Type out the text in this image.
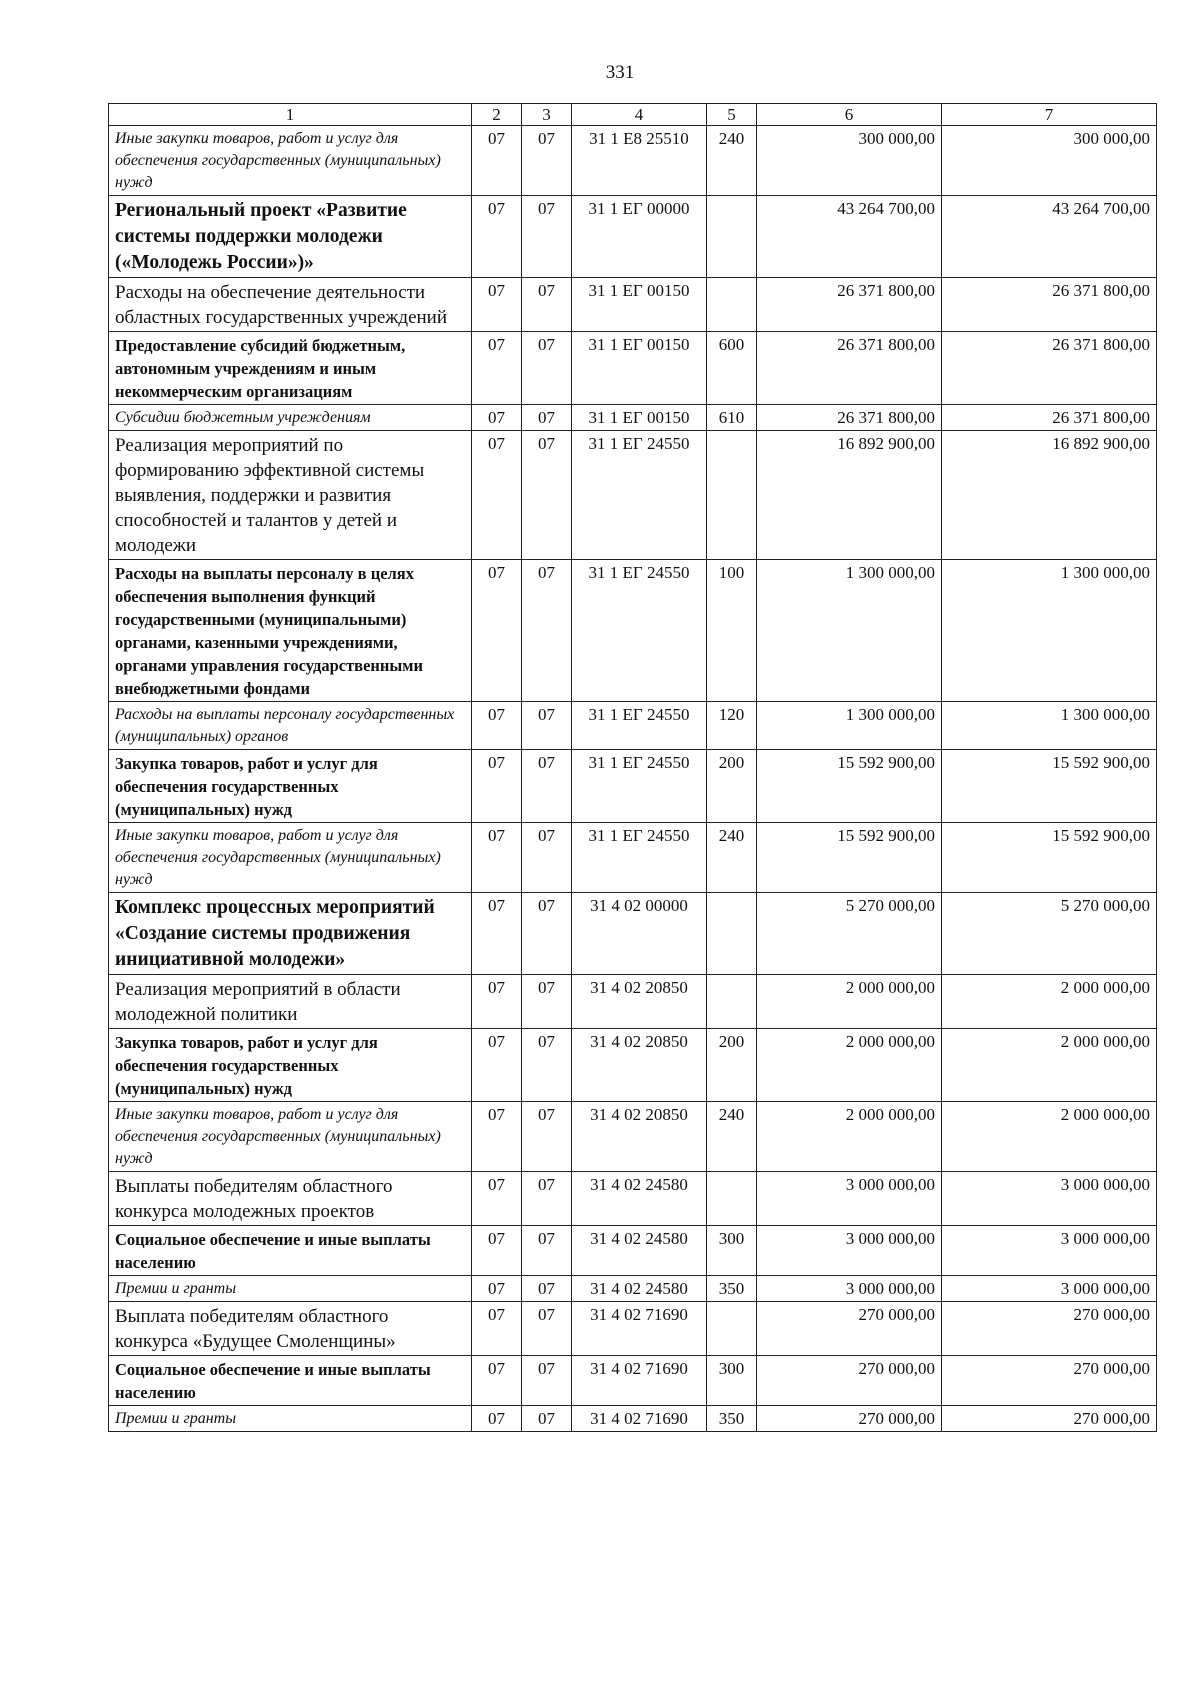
331
1	2	3	4	5	6	7
Иные закупки товаров, работ и услуг для обеспечения государственных (муниципальных) нужд	07	07	31 1 Е8 25510	240	300 000,00	300 000,00
Региональный проект «Развитие системы поддержки молодежи («Молодежь России»)»	07	07	31 1 ЕГ 00000		43 264 700,00	43 264 700,00
Расходы на обеспечение деятельности областных государственных учреждений	07	07	31 1 ЕГ 00150		26 371 800,00	26 371 800,00
Предоставление субсидий бюджетным, автономным учреждениям и иным некоммерческим организациям	07	07	31 1 ЕГ 00150	600	26 371 800,00	26 371 800,00
Субсидии бюджетным учреждениям	07	07	31 1 ЕГ 00150	610	26 371 800,00	26 371 800,00
Реализация мероприятий по формированию эффективной системы выявления, поддержки и развития способностей и талантов у детей и молодежи	07	07	31 1 ЕГ 24550		16 892 900,00	16 892 900,00
Расходы на выплаты персоналу в целях обеспечения выполнения функций государственными (муниципальными) органами, казенными учреждениями, органами управления государственными внебюджетными фондами	07	07	31 1 ЕГ 24550	100	1 300 000,00	1 300 000,00
Расходы на выплаты персоналу государственных (муниципальных) органов	07	07	31 1 ЕГ 24550	120	1 300 000,00	1 300 000,00
Закупка товаров, работ и услуг для обеспечения государственных (муниципальных) нужд	07	07	31 1 ЕГ 24550	200	15 592 900,00	15 592 900,00
Иные закупки товаров, работ и услуг для обеспечения государственных (муниципальных) нужд	07	07	31 1 ЕГ 24550	240	15 592 900,00	15 592 900,00
Комплекс процессных мероприятий «Создание системы продвижения инициативной молодежи»	07	07	31 4 02 00000		5 270 000,00	5 270 000,00
Реализация мероприятий в области молодежной политики	07	07	31 4 02 20850		2 000 000,00	2 000 000,00
Закупка товаров, работ и услуг для обеспечения государственных (муниципальных) нужд	07	07	31 4 02 20850	200	2 000 000,00	2 000 000,00
Иные закупки товаров, работ и услуг для обеспечения государственных (муниципальных) нужд	07	07	31 4 02 20850	240	2 000 000,00	2 000 000,00
Выплаты победителям областного конкурса молодежных проектов	07	07	31 4 02 24580		3 000 000,00	3 000 000,00
Социальное обеспечение и иные выплаты населению	07	07	31 4 02 24580	300	3 000 000,00	3 000 000,00
Премии и гранты	07	07	31 4 02 24580	350	3 000 000,00	3 000 000,00
Выплата победителям областного конкурса «Будущее Смоленщины»	07	07	31 4 02 71690		270 000,00	270 000,00
Социальное обеспечение и иные выплаты населению	07	07	31 4 02 71690	300	270 000,00	270 000,00
Премии и гранты	07	07	31 4 02 71690	350	270 000,00	270 000,00
